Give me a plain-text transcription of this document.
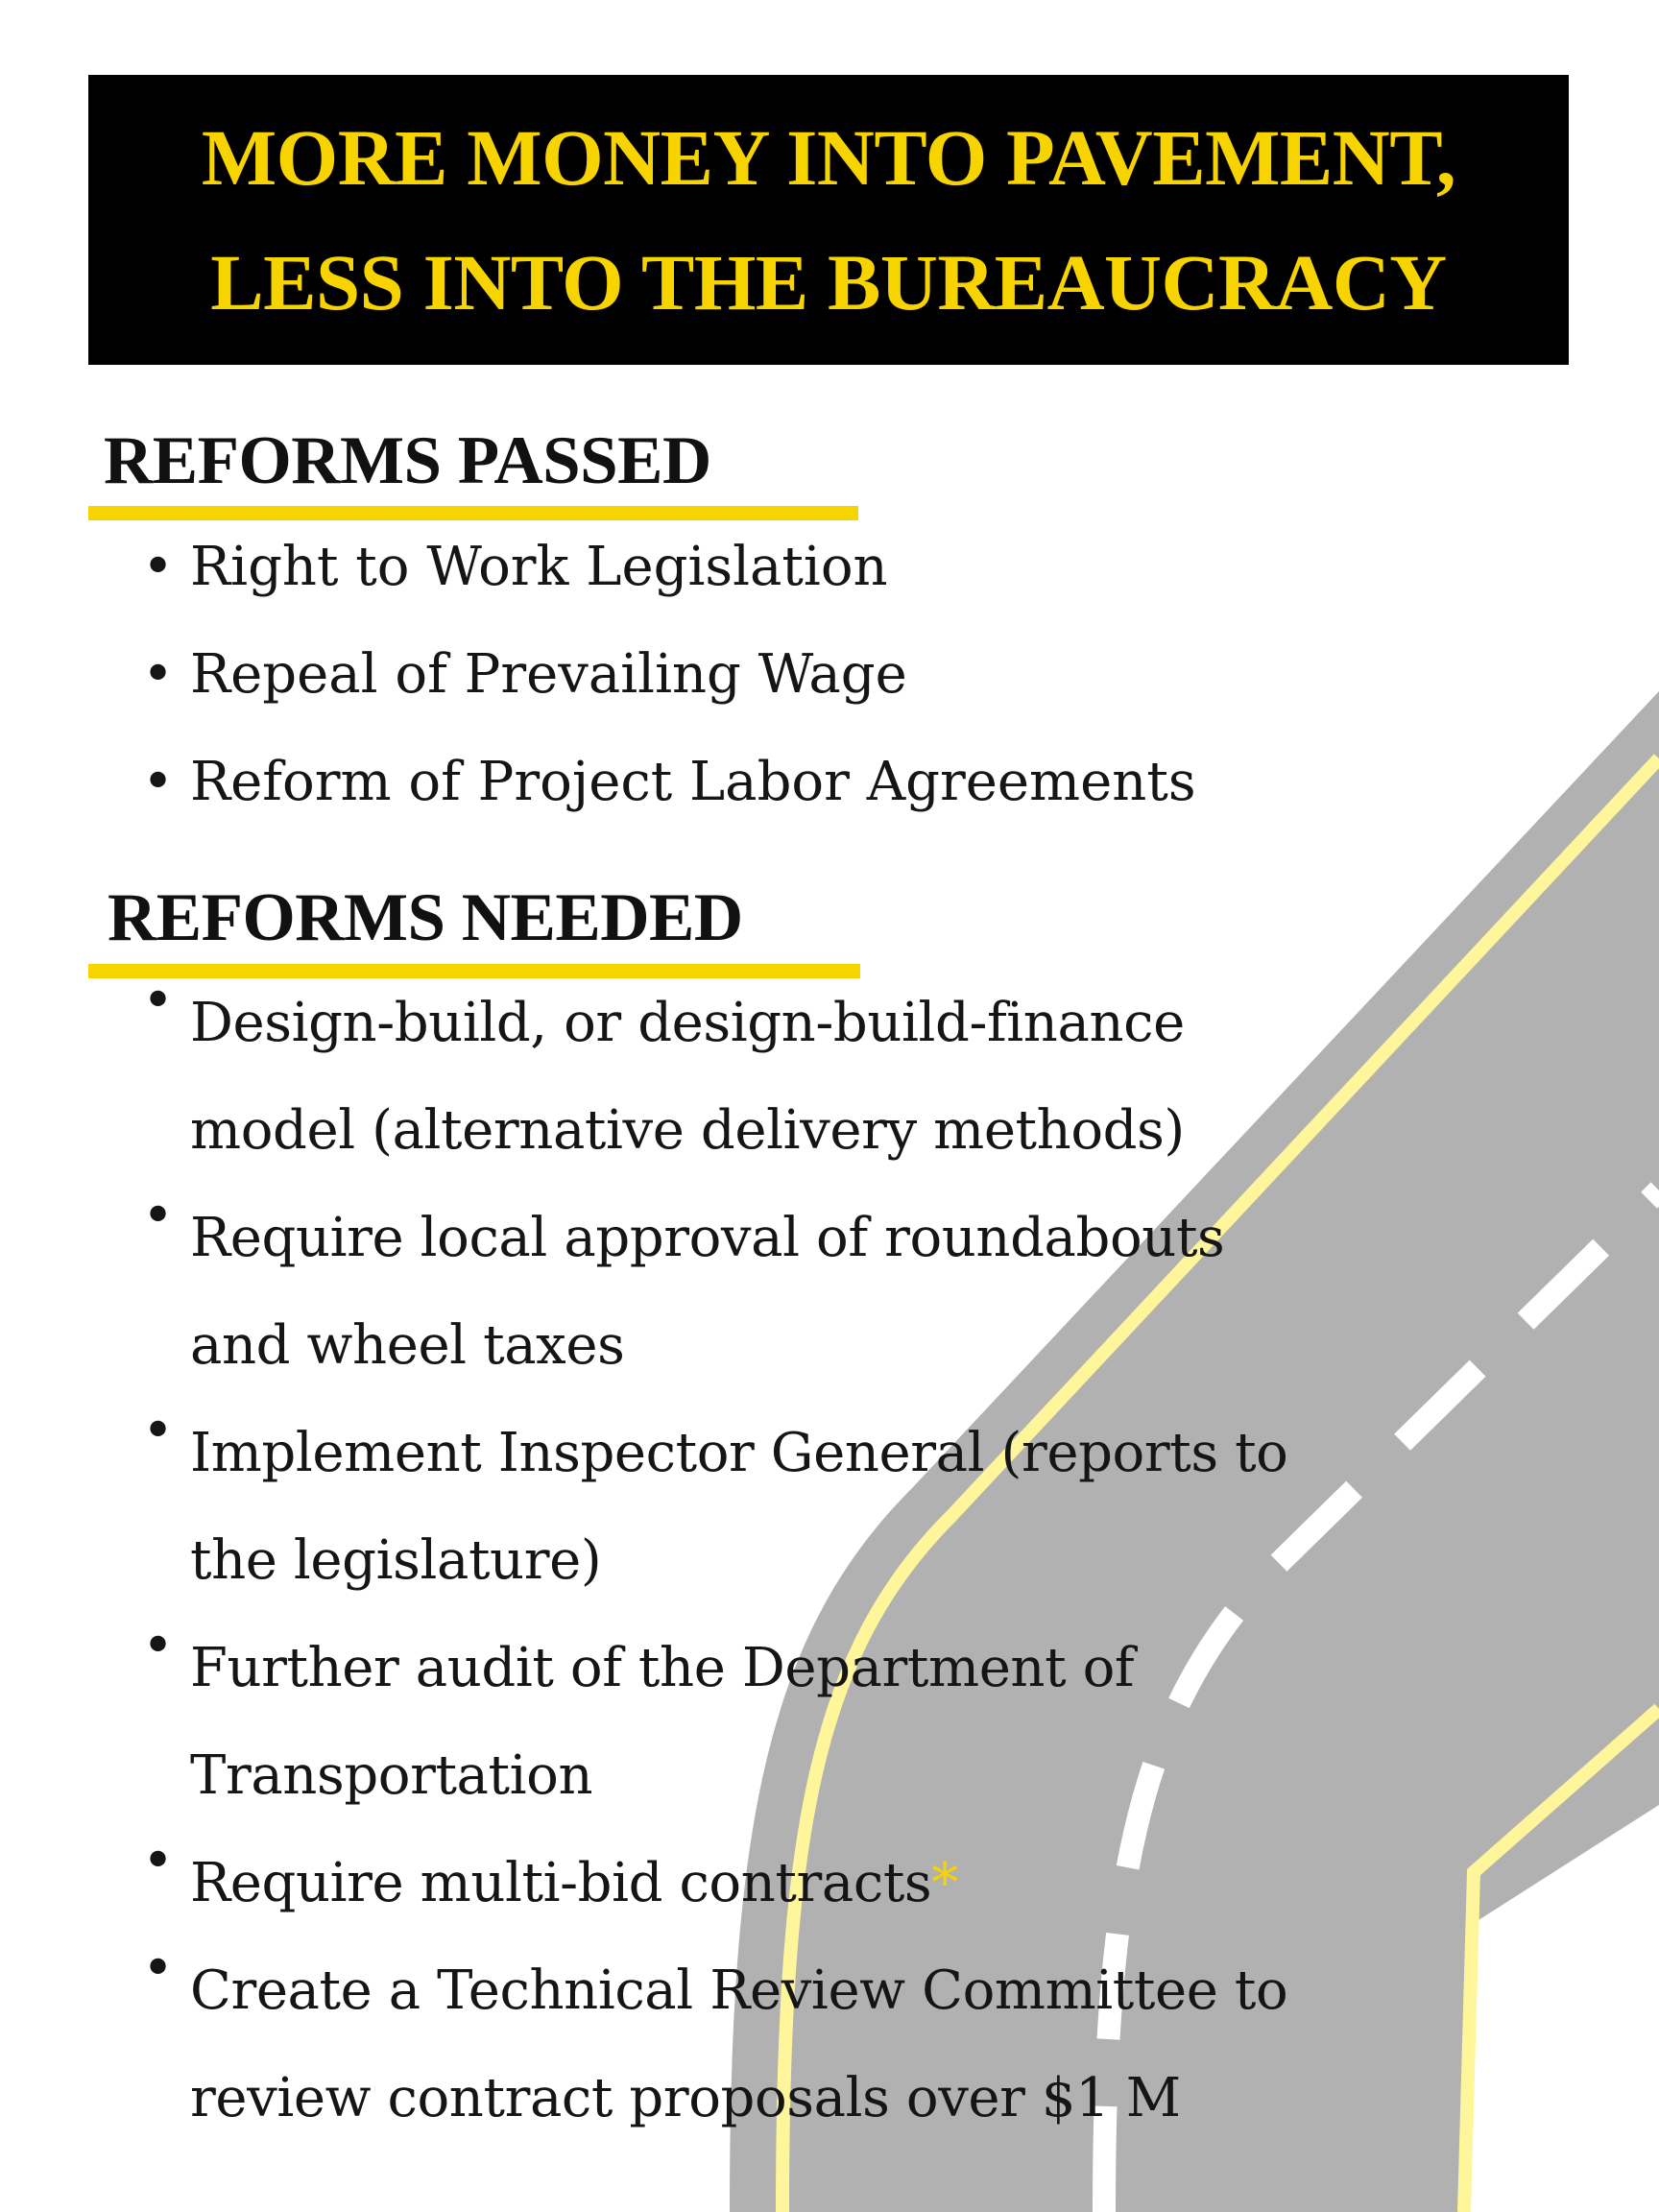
MORE MONEY INTO PAVEMENT,
LESS INTO THE BUREAUCRACY
REFORMS PASSED
• Right to Work Legislation
• Repeal of Prevailing Wage
• Reform of Project Labor Agreements
REFORMS NEEDED
• Design-build, or design-build-finance
model (alternative delivery methods)
• Require local approval of roundabouts
and wheel taxes
• Implement Inspector General (reports to
the legislature)
• Further audit of the Department of
Transportation
• Require multi-bid contracts*
• Create a Technical Review Committee to
review contract proposals over $1 M
